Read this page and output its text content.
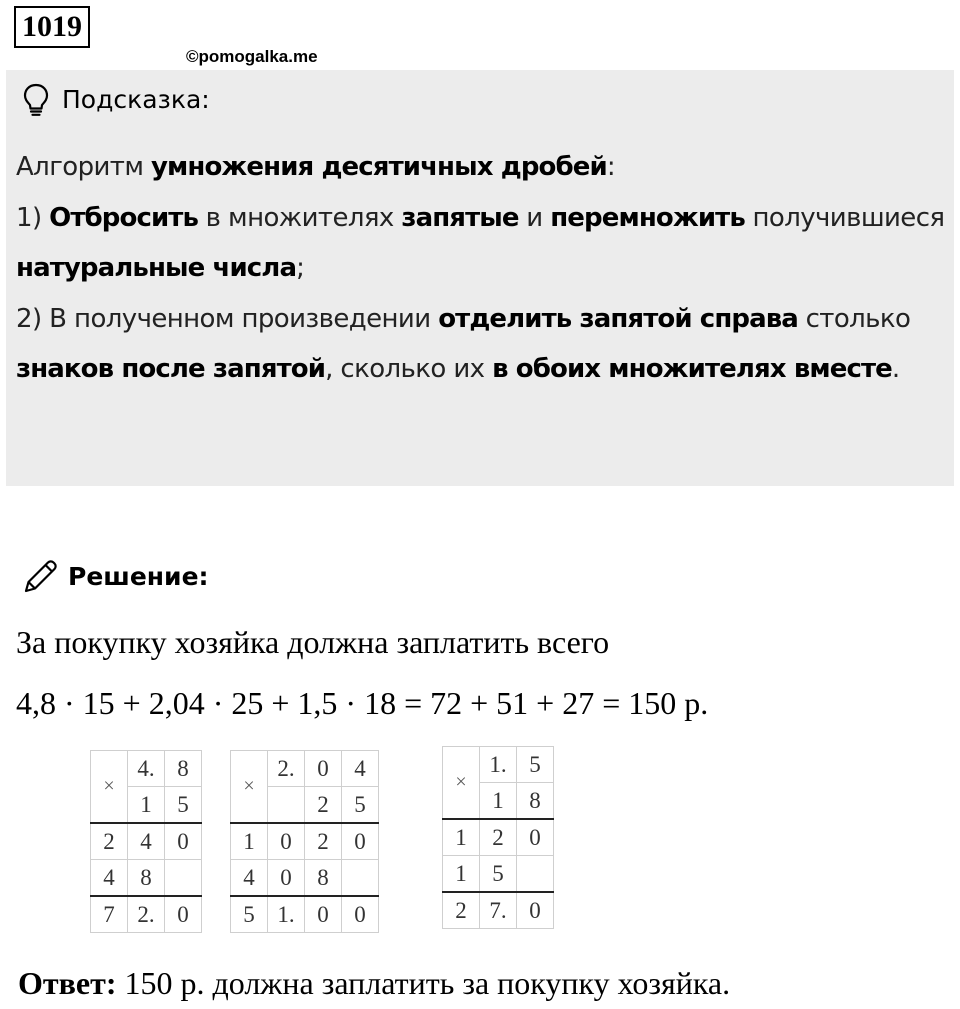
1019
©pomogalka.me
Подсказка:
Алгоритм умножения десятичных дробей:
1) Отбросить в множителях запятые и перемножить получившиеся натуральные числа;
2) В полученном произведении отделить запятой справа столько знаков после запятой, сколько их в обоих множителях вместе.
Решение:
За покупку хозяйка должна заплатить всего
4,8 · 15 + 2,04 · 25 + 1,5 · 18 = 72 + 51 + 27 = 150 р.
×	4.	8
	1	5
2	4	0
4	8	
7	2.	0
×	2.	0	4
		2	5
1	0	2	0
4	0	8	
5	1.	0	0
×	1.	5
	1	8
1	2	0
1	5	
2	7.	0
Ответ: 150 р. должна заплатить за покупку хозяйка.
